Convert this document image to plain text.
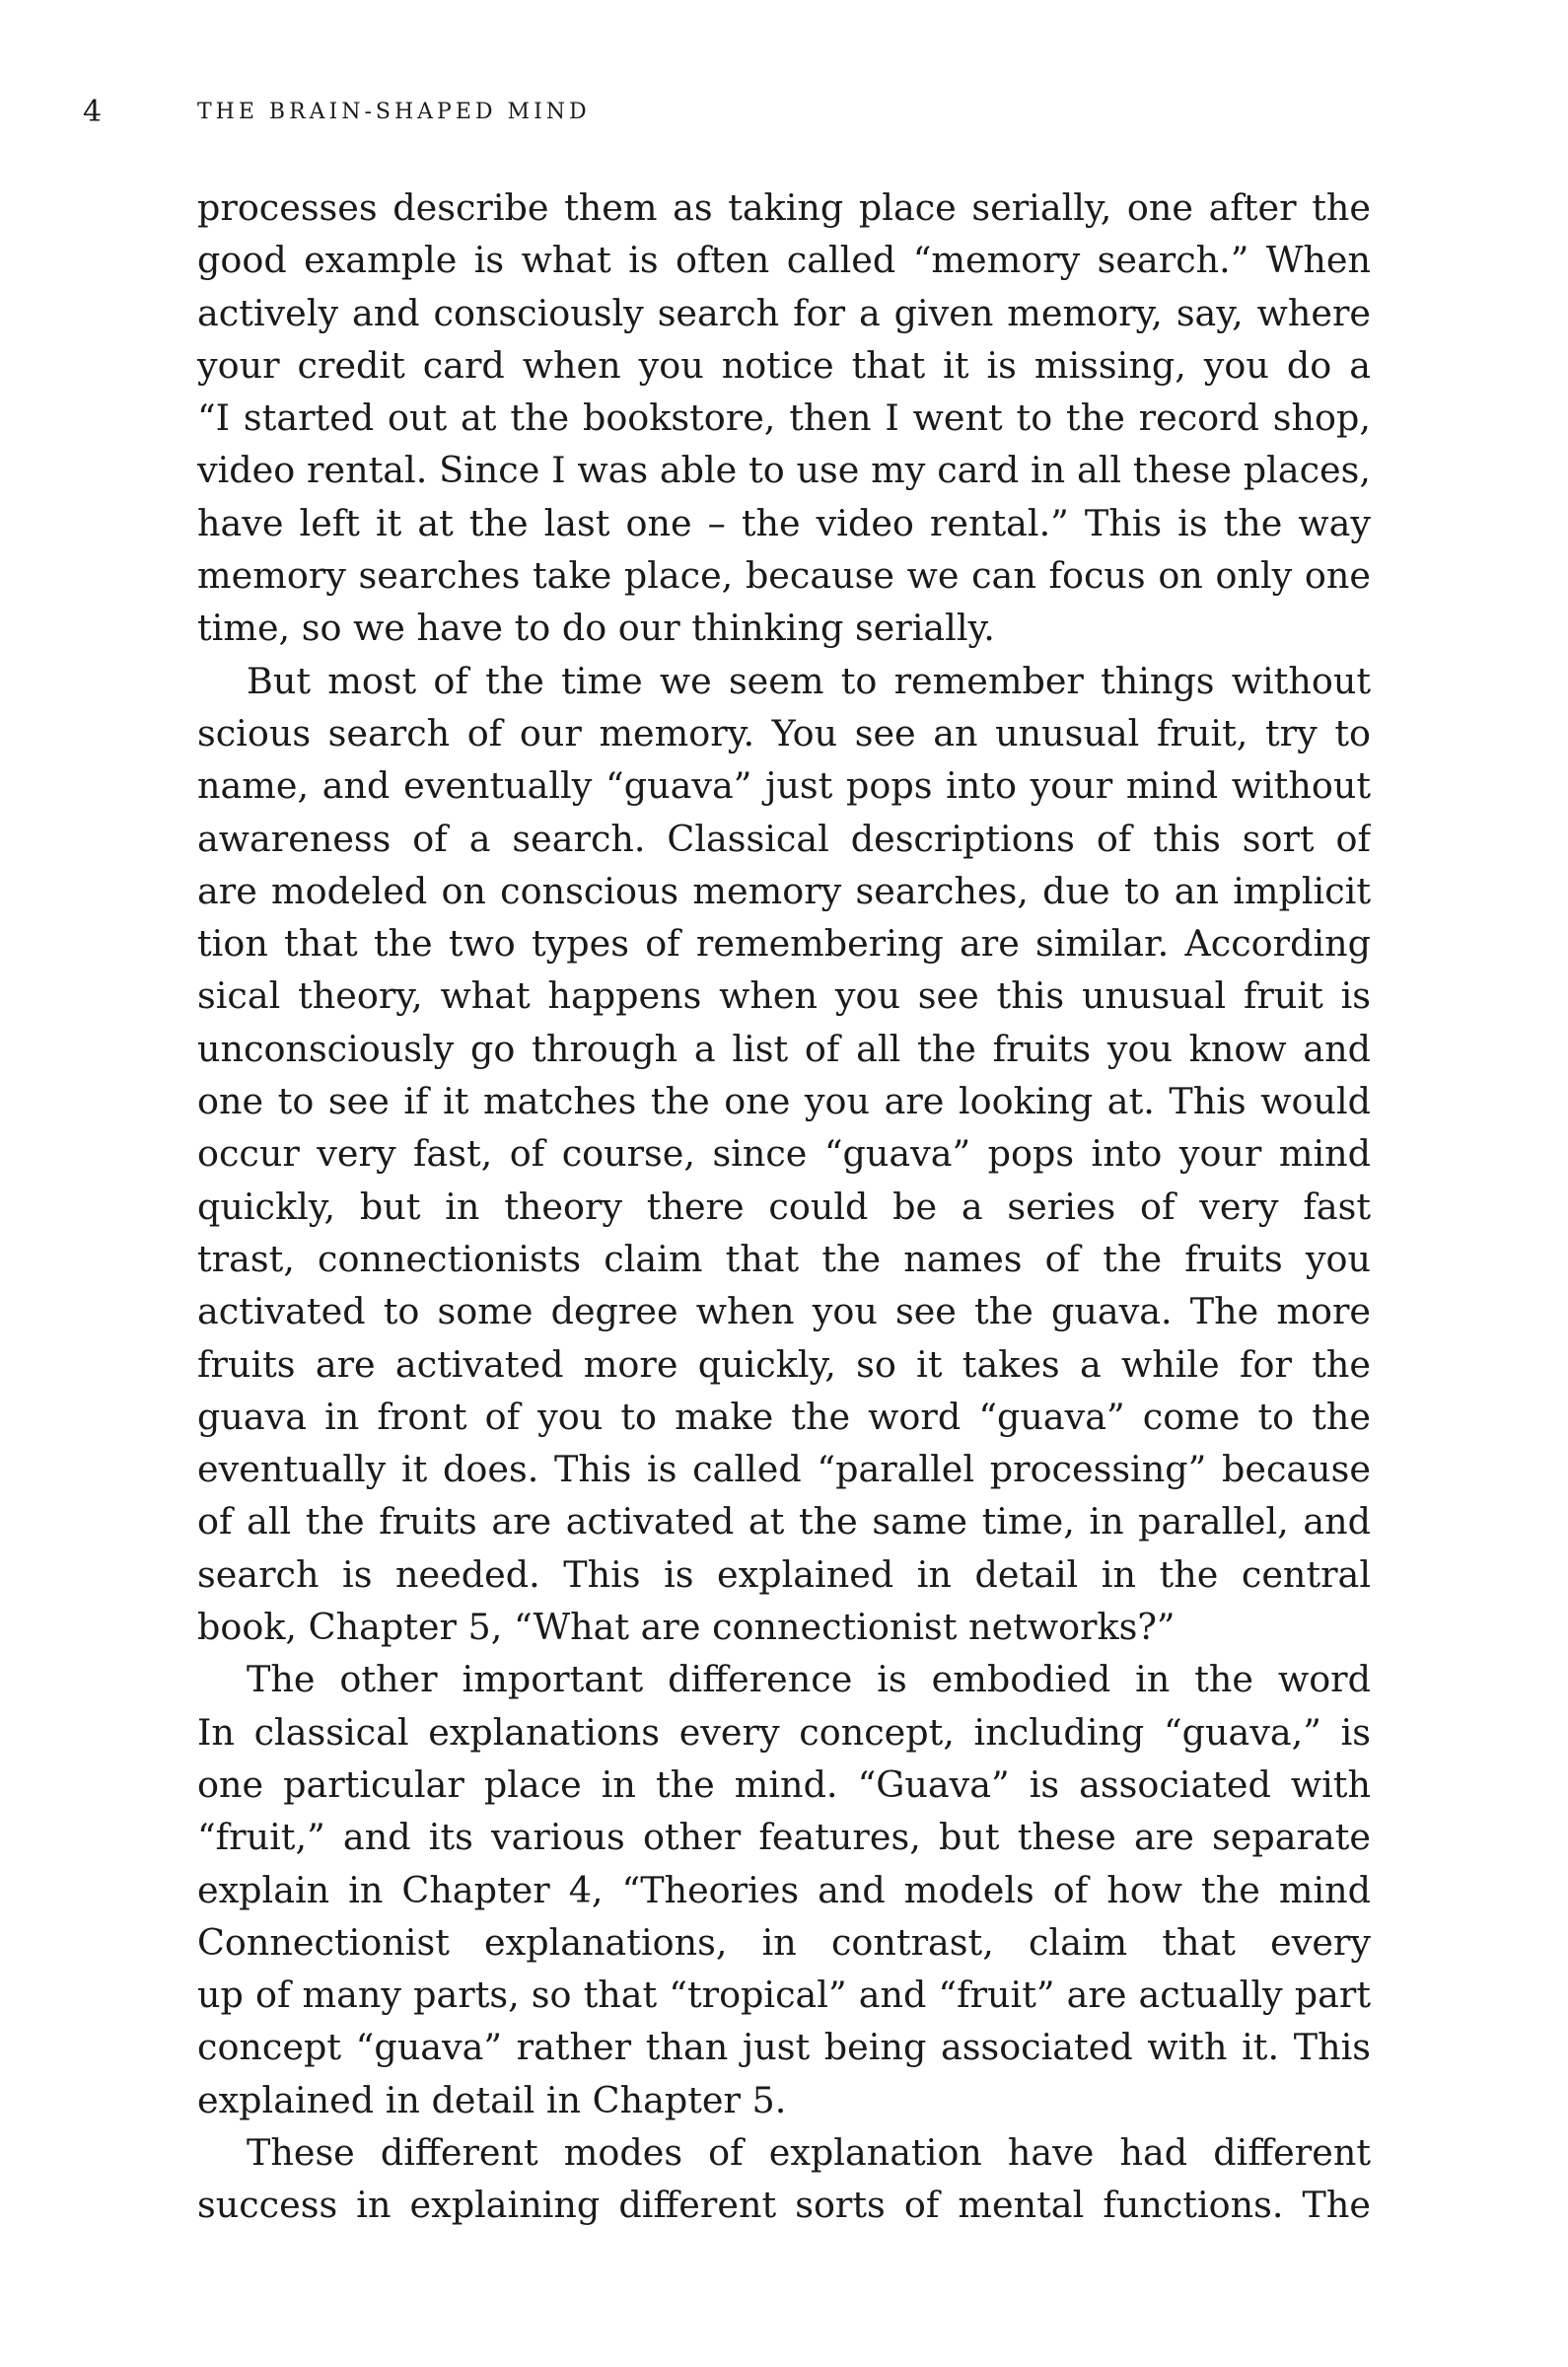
4	THE BRAIN-SHAPED MIND
processes describe them as taking place serially, one after the
good example is what is often called “memory search.” When
actively and consciously search for a given memory, say, where
your credit card when you notice that it is missing, you do a
“I started out at the bookstore, then I went to the record shop,
video rental. Since I was able to use my card in all these places,
have left it at the last one – the video rental.” This is the way
memory searches take place, because we can focus on only one
time, so we have to do our thinking serially.
But most of the time we seem to remember things without
scious search of our memory. You see an unusual fruit, try to
name, and eventually “guava” just pops into your mind without
awareness of a search. Classical descriptions of this sort of
are modeled on conscious memory searches, due to an implicit
tion that the two types of remembering are similar. According
sical theory, what happens when you see this unusual fruit is
unconsciously go through a list of all the fruits you know and
one to see if it matches the one you are looking at. This would
occur very fast, of course, since “guava” pops into your mind
quickly, but in theory there could be a series of very fast
trast, connectionists claim that the names of the fruits you
activated to some degree when you see the guava. The more
fruits are activated more quickly, so it takes a while for the
guava in front of you to make the word “guava” come to the
eventually it does. This is called “parallel processing” because
of all the fruits are activated at the same time, in parallel, and
search is needed. This is explained in detail in the central
book, Chapter 5, “What are connectionist networks?”
The other important difference is embodied in the word
In classical explanations every concept, including “guava,” is
one particular place in the mind. “Guava” is associated with
“fruit,” and its various other features, but these are separate
explain in Chapter 4, “Theories and models of how the mind
Connectionist explanations, in contrast, claim that every
up of many parts, so that “tropical” and “fruit” are actually part
concept “guava” rather than just being associated with it. This
explained in detail in Chapter 5.
These different modes of explanation have had different
success in explaining different sorts of mental functions. The
